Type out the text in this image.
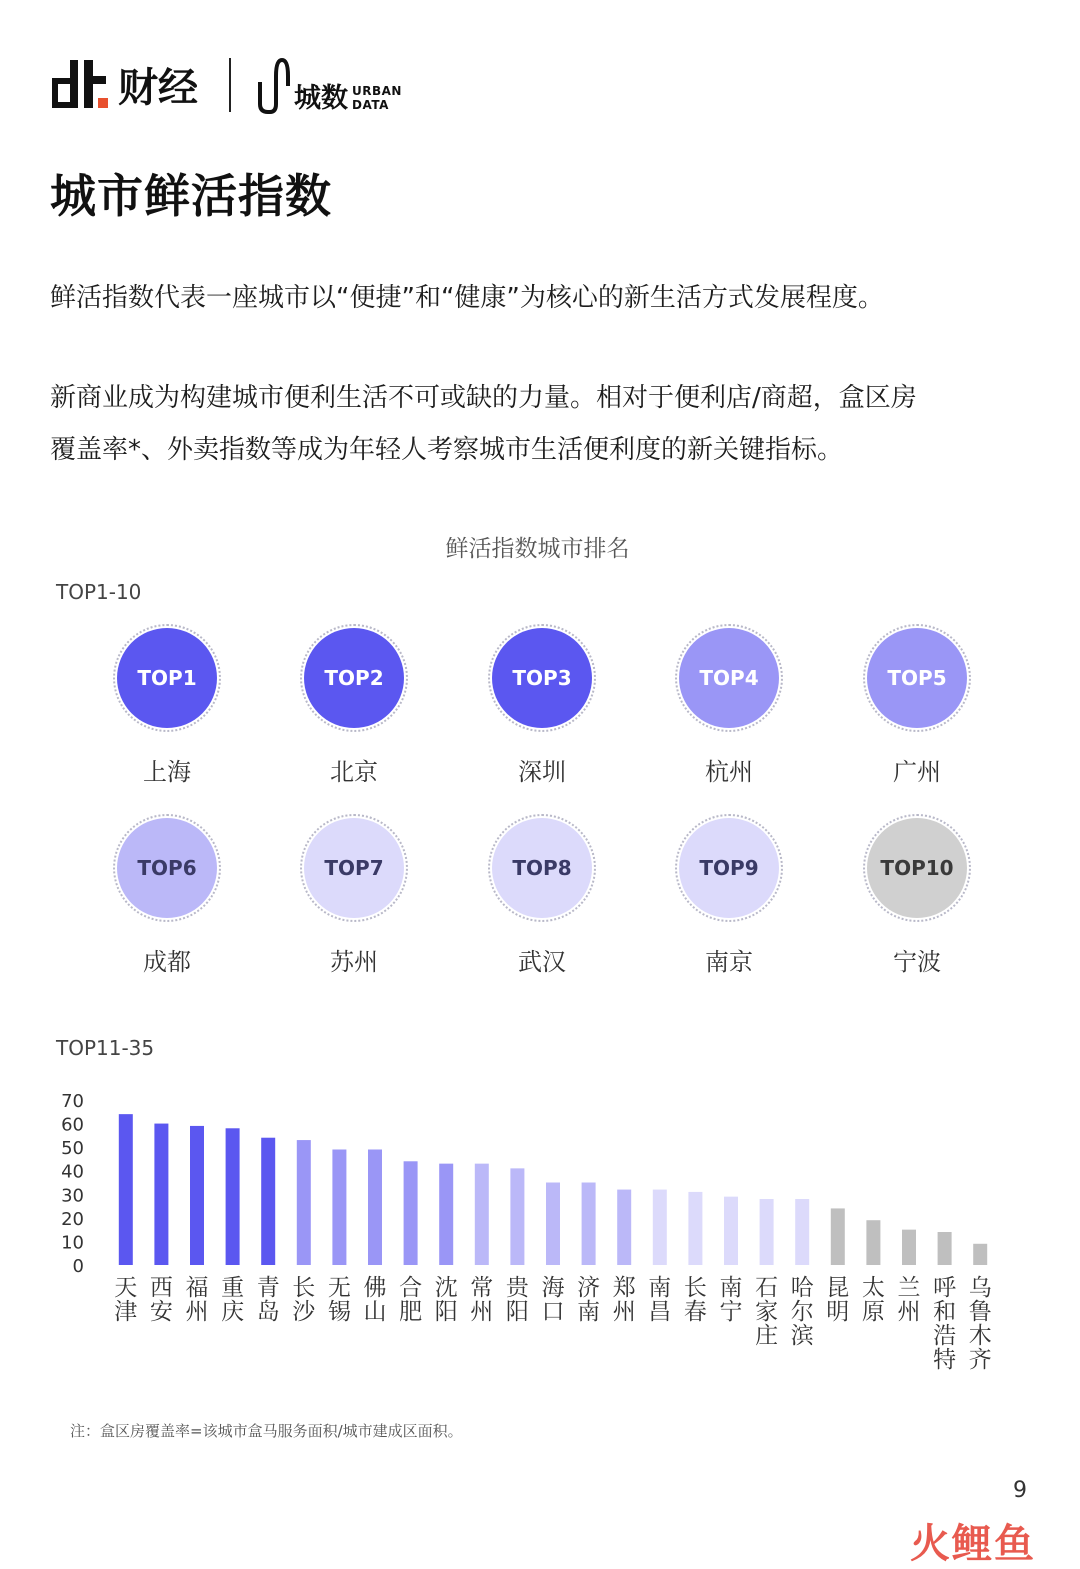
财经	城数 URBAN
DATA
城市鲜活指数
鲜活指数代表一座城市以“便捷”和“健康”为核心的新生活方式发展程度。
新商业成为构建城市便利生活不可或缺的力量。相对于便利店/商超，盒区房
覆盖率*、外卖指数等成为年轻人考察城市生活便利度的新关键指标。
鲜活指数城市排名
TOP1-10
TOP1
上海
TOP2
北京
TOP3
深圳
TOP4
杭州
TOP5
广州
TOP6
成都
TOP7
苏州
TOP8
武汉
TOP9
南京
TOP10
宁波
TOP11-35
0
10
20
30
40
50
60
70
天津
西安
福州
重庆
青岛
长沙
无锡
佛山
合肥
沈阳
常州
贵阳
海口
济南
郑州
南昌
长春
南宁
石家庄
哈尔滨
昆明
太原
兰州
呼和浩特
乌鲁木齐
注：盒区房覆盖率=该城市盒马服务面积/城市建成区面积。
9
火鲤鱼
